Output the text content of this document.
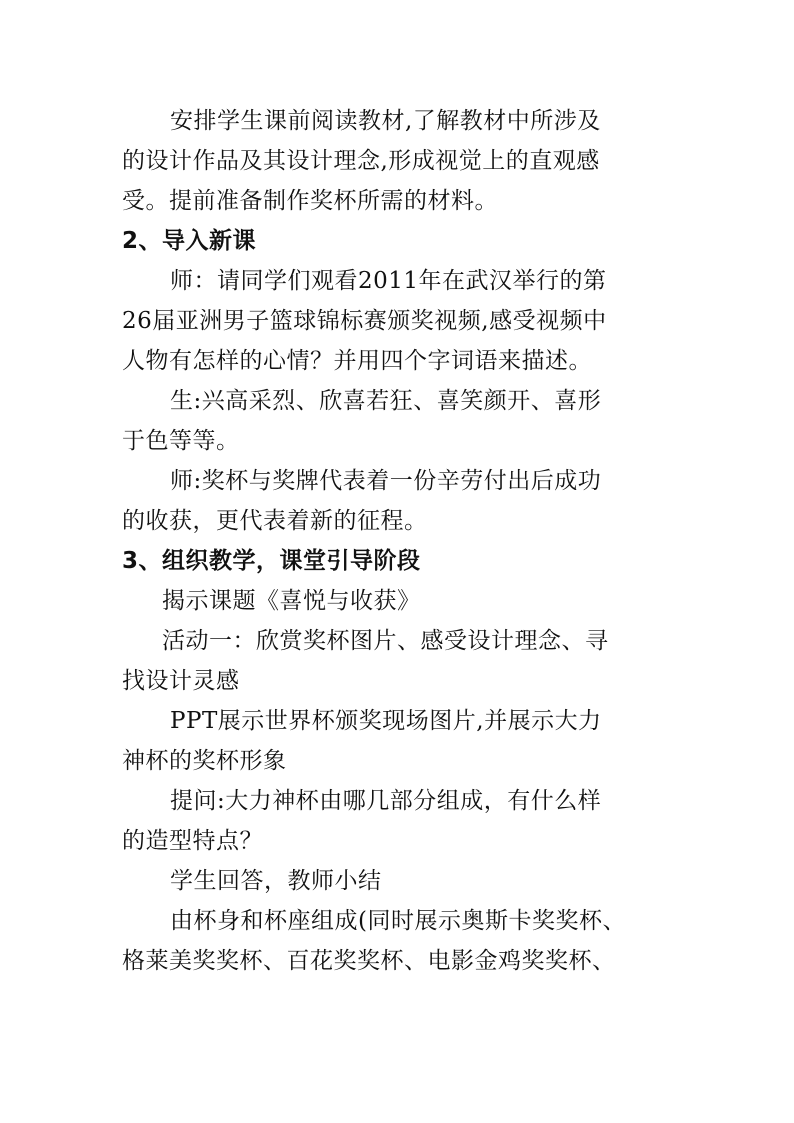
安排学生课前阅读教材,了解教材中所涉及
的设计作品及其设计理念,形成视觉上的直观感
受。提前准备制作奖杯所需的材料。

2、导入新课

师：请同学们观看2011年在武汉举行的第
26届亚洲男子篮球锦标赛颁奖视频,感受视频中
人物有怎样的心情？并用四个字词语来描述。

生:兴高采烈、欣喜若狂、喜笑颜开、喜形
于色等等。

师:奖杯与奖牌代表着一份辛劳付出后成功
的收获，更代表着新的征程。

3、组织教学，课堂引导阶段

揭示课题《喜悦与收获》

活动一：欣赏奖杯图片、感受设计理念、寻
找设计灵感

PPT展示世界杯颁奖现场图片,并展示大力
神杯的奖杯形象

提问:大力神杯由哪几部分组成，有什么样
的造型特点？

学生回答，教师小结

由杯身和杯座组成(同时展示奥斯卡奖奖杯、
格莱美奖奖杯、百花奖奖杯、电影金鸡奖奖杯、
